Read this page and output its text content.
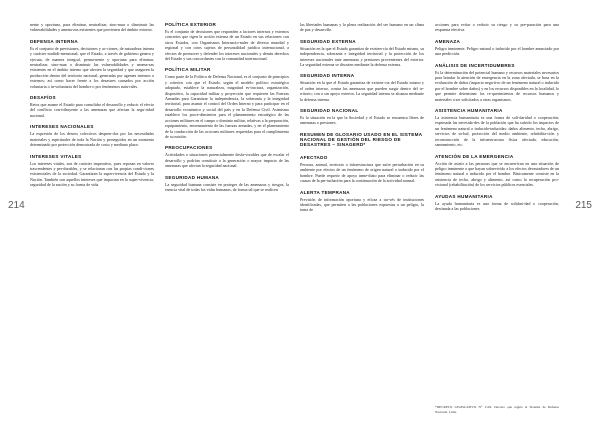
214	215

nente y oportuna, para eliminar, neutralizar, sino-nuar o disminuir las vulnerabilidades y amena-zas existentes que provienen del ámbito externo.

DEFENSA INTERNA

Es el conjunto de previsiones, decisiones y ac-ciones, de naturaleza interna y carácter multidi-mensional, que el Estado, a través de gobierno genera y ejecuta, de manera integral, perma-nente y oportuna para eliminar, neutralizar, sino-nuar o disminuir las vulnerabilidades y amena-zas existentes en el ámbito interno que afecten la seguridad y que aseguren la producción dentro del territorio nacional, generadas por agentes internos o externos; así como hacer frente a los desastres causados por acción voluntaria o in-voluntaria del hombre o por fenómenos natu-rales.

DESAFÍOS

Retos que asume el Estado para consolidar el desarrollo y reducir el efecto del conflicto con-tribuyente a las amenazas que afectan la segu-ridad nacional.

INTERESES NACIONALES

La expresión de los deseos colectivos despren-dos por las necesidades materiales y espirituales de toda la Nación y perseguidos en un momento determinado por protección demostrada de costo y mediano plazo.

INTERESES VITALES

Los intereses vitales, son de carácter imperativo, pues reposan en valores trascendentes y per-durables, y se relacionan con las propias condi-ciones existenciales de la sociedad. Garantizan la supervivencia del Estado y la Nación. También son aquellos intereses que impactan en la super-vivencia, seguridad de la nación y su forma de vida.

POLÍTICA EXTERIOR

Es el conjunto de decisiones que responden a factores internos y externos concretos que rigen la acción externa de un Estado en sus relaciones con otros Estados, con Organismos Internacio-nales de diverso mundial y regional y con otros sujetos de personalidad jurídica internacional, a efectos de promover y defender los intereses nacionales y demás derechos del Estado y sus concordantes con la comunidad internacional.

POLÍTICA MILITAR

Como parte de la Política de Defensa Nacional, es el conjunto de principios y criterios con que el Estado, según el modelo político estratégico adoptado, establece la naturaleza, magnitud es-tructura, organización, dispositivo, la capacidad militar y proyección que requieren las Fuerzas Armadas para Garantizar la independencia, la soberanía y la integridad territorial, para asumir el control del Orden Interno y para participar en el desarrollo económico y social del país y en la Defensa Civil. Asimismo establece los proce-dimientos para el planeamiento estratégico de las acciones militares en el campo o dominio militar, relativas a la preparación, equipamiento, entrenamiento de las fuerzas armadas, y en el planeamiento de la conducción de las acciones militares requeridas para el cumplimiento de su misión.

PREOCUPACIONES

Actividades o situaciones potencialmente desfa-vorables que de escalar el desarrollo y podrían constituir a la generación o mayor impacto de las amenazas que afectan la seguridad nacional.

SEGURIDAD HUMANA

La seguridad humana consiste en proteger de las amenazas y riesgos, la esencia vital de todas las vidas humanas, de forma tal que se realicen

las libertades humanas y la plena realización del ser humano en un clima de paz y desarrollo.

SEGURIDAD EXTERNA

Situación en la que el Estado garantiza de existen-cia del Estado mismo, su independencia, soberanía e integridad territorial y la protección de los intereses nacionales ante amenazas y presiones provenientes del exterior. La seguridad externa se discuten mediante la defensa externa.

SEGURIDAD INTERNA

Situación en la que el Estado garantiza de existen-cia del Estado mismo y el orden interno, contra las amenazas que pueden surgir dentro del te-rritorio; con o sin apoyo exterior. La seguridad interna se alcanza mediante la defensa interna.

SEGURIDAD NACIONAL

Es la situación en la que la Sociedad y el Estado se encuentra libres de amenazas o presiones.

RESUMEN DE GLOSARIO USADO EN EL SISTEMA NACIONAL DE GESTIÓN DEL RIESGO DE DESASTRES – SINAGERD*
AFECTADO

Persona, animal, territorio o infraestructura que sufre perturbación en su ambiente por efectos de un fenómeno de origen natural o inducido por el hombre. Puede requerir de apoyo inme-diato para eliminar o reducir las causas de la per-turbación para la continuación de la actividad normal.

ALERTA TEMPRANA

Previsión de información oportuna y eficaz a tra-vés de instituciones identificadas, que permiten a las poblaciones expuestas a un peligro, la toma de

acciones para evitar o reducir su riesgo y su pre-paración para una respuesta efectiva.

AMENAZA

Peligro inminente. Peligro natural o inducido por el hombre anunciado por una predicción.

ANÁLISIS DE INCERTIDUMBRES

Es la determinación del potencial humano y recursos materiales necesarios para brindar la atención de emergencia en la zona afectada, se basa en la evaluación de daños (impacto nega-tivo de un fenómeno natural o inducido por el hombre sobre daños) y en los recursos disponibles en la localidad, lo que permite determinar los re-querimientos de recursos humanos y materiales a ser solicitados a otras organismos.

ASISTENCIA HUMANITARIA

La asistencia humanitaria es una forma de soli-daridad o cooperación; expresada las necesida-des de la población que ha sufrido los impactos de un fenómeno natural o inducido-inducidas: daños alimento, techo, abrigo, servicios de sa-lud, protección del medio ambiente, rehabilita-ción y reconstrucción de la infraestructura física afectada, educación, saneamiento, etc.

ATENCIÓN DE LA EMERGENCIA

Acción de asistir a las personas que se encuen-tran en una situación de peligro inminente o que hayan sobrevivido a los efectos devastadores de un fenómeno natural o inducido por el hombre. Básicamente consiste en la asistencia de techo, abrigo y alimento, así como la recuperación pro-visional (rehabilitación) de los servicios públicos esenciales.

AYUDAS HUMANITARIA

La ayuda humanitaria es una forma de solidari-dad o cooperación, destinada a las poblaciones

*DECRETO LEGISLATIVO N° 1129. Decreto que regula el Sistema de Defensa Nacional. Lima.
